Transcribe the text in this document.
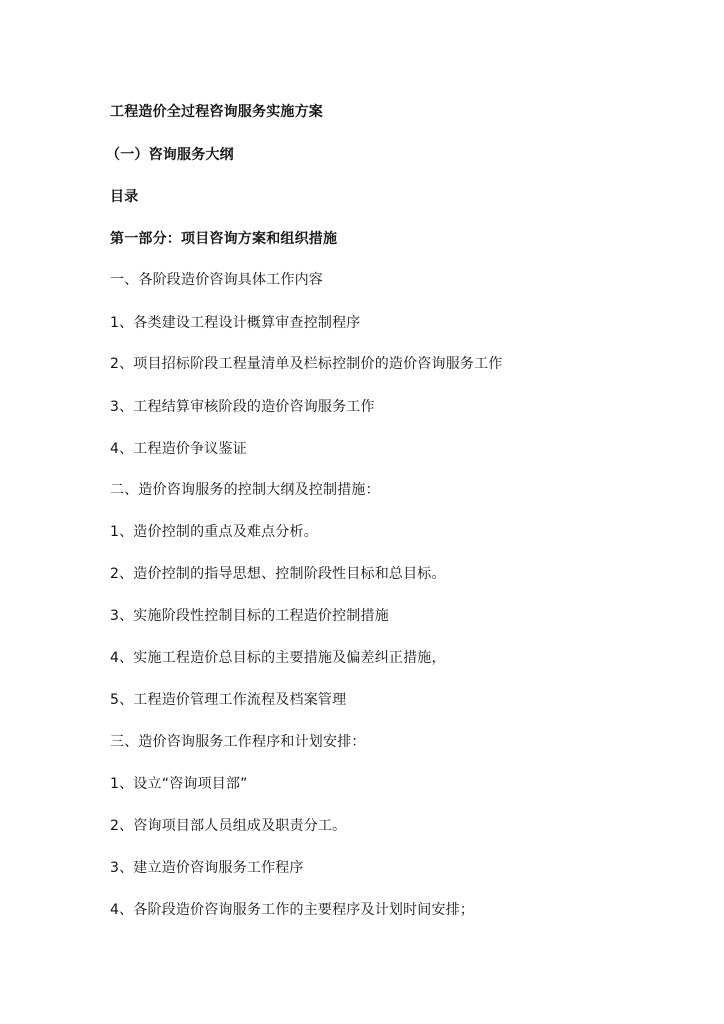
工程造价全过程咨询服务实施方案
（一）咨询服务大纲
目录
第一部分：项目咨询方案和组织措施
一、各阶段造价咨询具体工作内容
1、各类建设工程设计概算审查控制程序
2、项目招标阶段工程量清单及栏标控制价的造价咨询服务工作
3、工程结算审核阶段的造价咨询服务工作
4、工程造价争议鉴证
二、造价咨询服务的控制大纲及控制措施：
1、造价控制的重点及难点分析。
2、造价控制的指导思想、控制阶段性目标和总目标。
3、实施阶段性控制目标的工程造价控制措施
4、实施工程造价总目标的主要措施及偏差纠正措施，
5、工程造价管理工作流程及档案管理
三、造价咨询服务工作程序和计划安排：
1、设立“咨询项目部”
2、咨询项目部人员组成及职责分工。
3、建立造价咨询服务工作程序
4、各阶段造价咨询服务工作的主要程序及计划时间安排；
